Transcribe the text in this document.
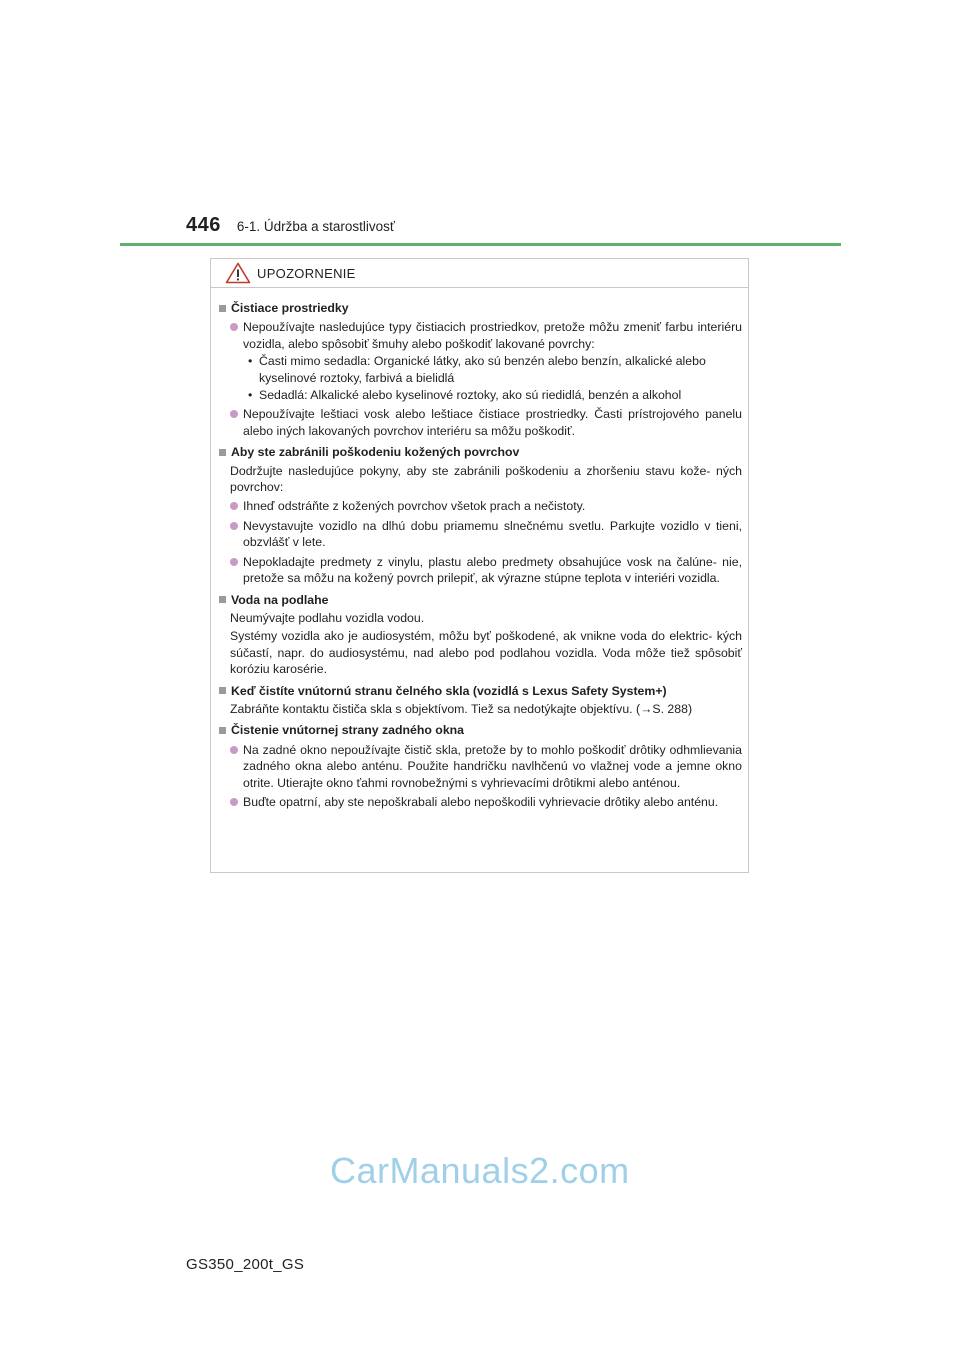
446 6-1. Údržba a starostlivosť
UPOZORNENIE
Čistiace prostriedky
Nepoužívajte nasledujúce typy čistiacich prostriedkov, pretože môžu zmeniť farbu interiéru vozidla, alebo spôsobiť šmuhy alebo poškodiť lakované povrchy:
• Časti mimo sedadla: Organické látky, ako sú benzén alebo benzín, alkalické alebo kyselinové roztoky, farbivá a bielidlá
• Sedadlá: Alkalické alebo kyselinové roztoky, ako sú riedidlá, benzén a alkohol
Nepoužívajte leštiaci vosk alebo leštiace čistiace prostriedky. Časti prístrojového panelu alebo iných lakovaných povrchov interiéru sa môžu poškodiť.
Aby ste zabránili poškodeniu kožených povrchov
Dodržujte nasledujúce pokyny, aby ste zabránili poškodeniu a zhoršeniu stavu kože- ných povrchov:
Ihneď odstráňte z kožených povrchov všetok prach a nečistoty.
Nevystavujte vozidlo na dlhú dobu priamemu slnečnému svetlu. Parkujte vozidlo v tieni, obzvlášť v lete.
Nepokladajte predmety z vinylu, plastu alebo predmety obsahujúce vosk na čalúne- nie, pretože sa môžu na kožený povrch prilepiť, ak výrazne stúpne teplota v interiéri vozidla.
Voda na podlahe
Neumývajte podlahu vozidla vodou.
Systémy vozidla ako je audiosystém, môžu byť poškodené, ak vnikne voda do elektric- kých súčastí, napr. do audiosystému, nad alebo pod podlahou vozidla. Voda môže tiež spôsobiť koróziu karosérie.
Keď čistíte vnútornú stranu čelného skla (vozidlá s Lexus Safety System+)
Zabráňte kontaktu čističa skla s objektívom. Tiež sa nedotýkajte objektívu. (→S. 288)
Čistenie vnútornej strany zadného okna
Na zadné okno nepoužívajte čistič skla, pretože by to mohlo poškodiť drôtiky odhmlievania zadného okna alebo anténu. Použite handričku navlhčenú vo vlažnej vode a jemne okno otrite. Utierajte okno ťahmi rovnobežnými s vyhrievacími drôtikmi alebo anténou.
Buďte opatrní, aby ste nepoškrabali alebo nepoškodili vyhrievacie drôtiky alebo anténu.
GS350_200t_GS
CarManuals2.com
